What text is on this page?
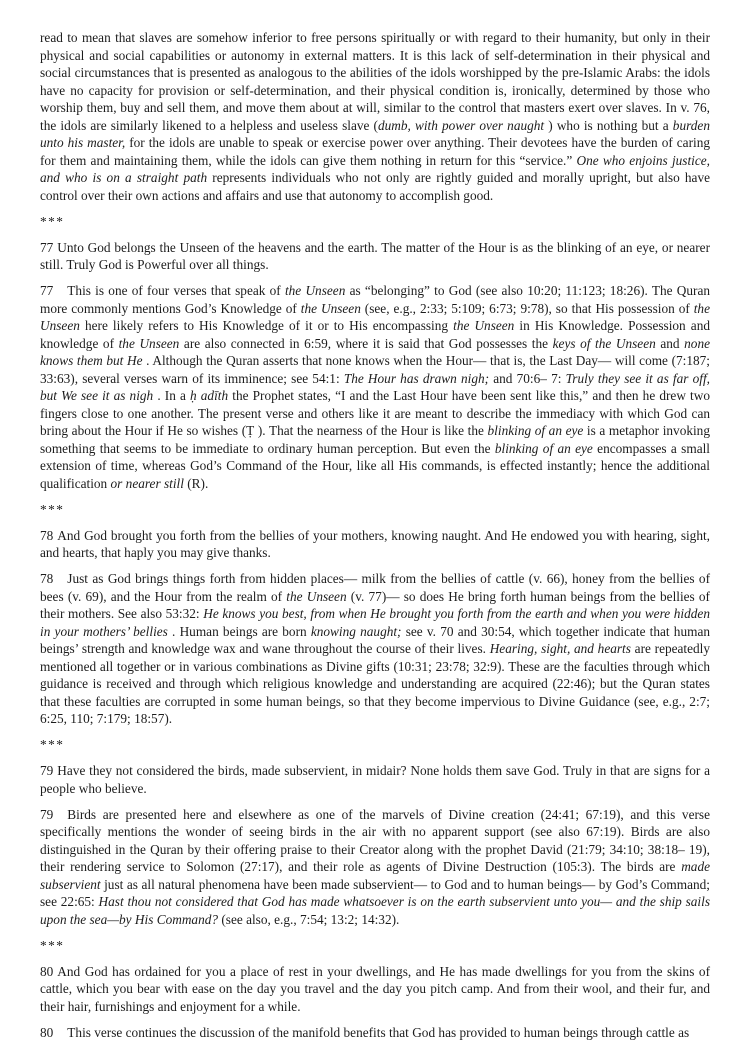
read to mean that slaves are somehow inferior to free persons spiritually or with regard to their humanity, but only in their physical and social capabilities or autonomy in external matters. It is this lack of self-determination in their physical and social circumstances that is presented as analogous to the abilities of the idols worshipped by the pre-Islamic Arabs: the idols have no capacity for provision or self-determination, and their physical condition is, ironically, determined by those who worship them, buy and sell them, and move them about at will, similar to the control that masters exert over slaves. In v. 76, the idols are similarly likened to a helpless and useless slave (dumb, with power over naught ) who is nothing but a burden unto his master, for the idols are unable to speak or exercise power over anything. Their devotees have the burden of caring for them and maintaining them, while the idols can give them nothing in return for this “service.” One who enjoins justice, and who is on a straight path represents individuals who not only are rightly guided and morally upright, but also have control over their own actions and affairs and use that autonomy to accomplish good.

***

77 Unto God belongs the Unseen of the heavens and the earth. The matter of the Hour is as the blinking of an eye, or nearer still. Truly God is Powerful over all things.

77 This is one of four verses that speak of the Unseen as “belonging” to God (see also 10:20; 11:123; 18:26). The Quran more commonly mentions God’s Knowledge of the Unseen (see, e.g., 2:33; 5:109; 6:73; 9:78), so that His possession of the Unseen here likely refers to His Knowledge of it or to His encompassing the Unseen in His Knowledge. Possession and knowledge of the Unseen are also connected in 6:59, where it is said that God possesses the keys of the Unseen and none knows them but He . Although the Quran asserts that none knows when the Hour— that is, the Last Day— will come (7:187; 33:63), several verses warn of its imminence; see 54:1: The Hour has drawn nigh; and 70:6– 7: Truly they see it as far off, but We see it as nigh . In a ḥ adīth the Prophet states, “I and the Last Hour have been sent like this,” and then he drew two fingers close to one another. The present verse and others like it are meant to describe the immediacy with which God can bring about the Hour if He so wishes (Ṭ ). That the nearness of the Hour is like the blinking of an eye is a metaphor invoking something that seems to be immediate to ordinary human perception. But even the blinking of an eye encompasses a small extension of time, whereas God’s Command of the Hour, like all His commands, is effected instantly; hence the additional qualification or nearer still (R).

***

78 And God brought you forth from the bellies of your mothers, knowing naught. And He endowed you with hearing, sight, and hearts, that haply you may give thanks.

78 Just as God brings things forth from hidden places— milk from the bellies of cattle (v. 66), honey from the bellies of bees (v. 69), and the Hour from the realm of the Unseen (v. 77)— so does He bring forth human beings from the bellies of their mothers. See also 53:32: He knows you best, from when He brought you forth from the earth and when you were hidden in your mothers’ bellies . Human beings are born knowing naught; see v. 70 and 30:54, which together indicate that human beings’ strength and knowledge wax and wane throughout the course of their lives. Hearing, sight, and hearts are repeatedly mentioned all together or in various combinations as Divine gifts (10:31; 23:78; 32:9). These are the faculties through which guidance is received and through which religious knowledge and understanding are acquired (22:46); but the Quran states that these faculties are corrupted in some human beings, so that they become impervious to Divine Guidance (see, e.g., 2:7; 6:25, 110; 7:179; 18:57).

***

79 Have they not considered the birds, made subservient, in midair? None holds them save God. Truly in that are signs for a people who believe.

79 Birds are presented here and elsewhere as one of the marvels of Divine creation (24:41; 67:19), and this verse specifically mentions the wonder of seeing birds in the air with no apparent support (see also 67:19). Birds are also distinguished in the Quran by their offering praise to their Creator along with the prophet David (21:79; 34:10; 38:18– 19), their rendering service to Solomon (27:17), and their role as agents of Divine Destruction (105:3). The birds are made subservient just as all natural phenomena have been made subservient— to God and to human beings— by God’s Command; see 22:65: Hast thou not considered that God has made whatsoever is on the earth subservient unto you— and the ship sails upon the sea—by His Command? (see also, e.g., 7:54; 13:2; 14:32).

***

80 And God has ordained for you a place of rest in your dwellings, and He has made dwellings for you from the skins of cattle, which you bear with ease on the day you travel and the day you pitch camp. And from their wool, and their fur, and their hair, furnishings and enjoyment for a while.

80 This verse continues the discussion of the manifold benefits that God has provided to human beings through cattle as
